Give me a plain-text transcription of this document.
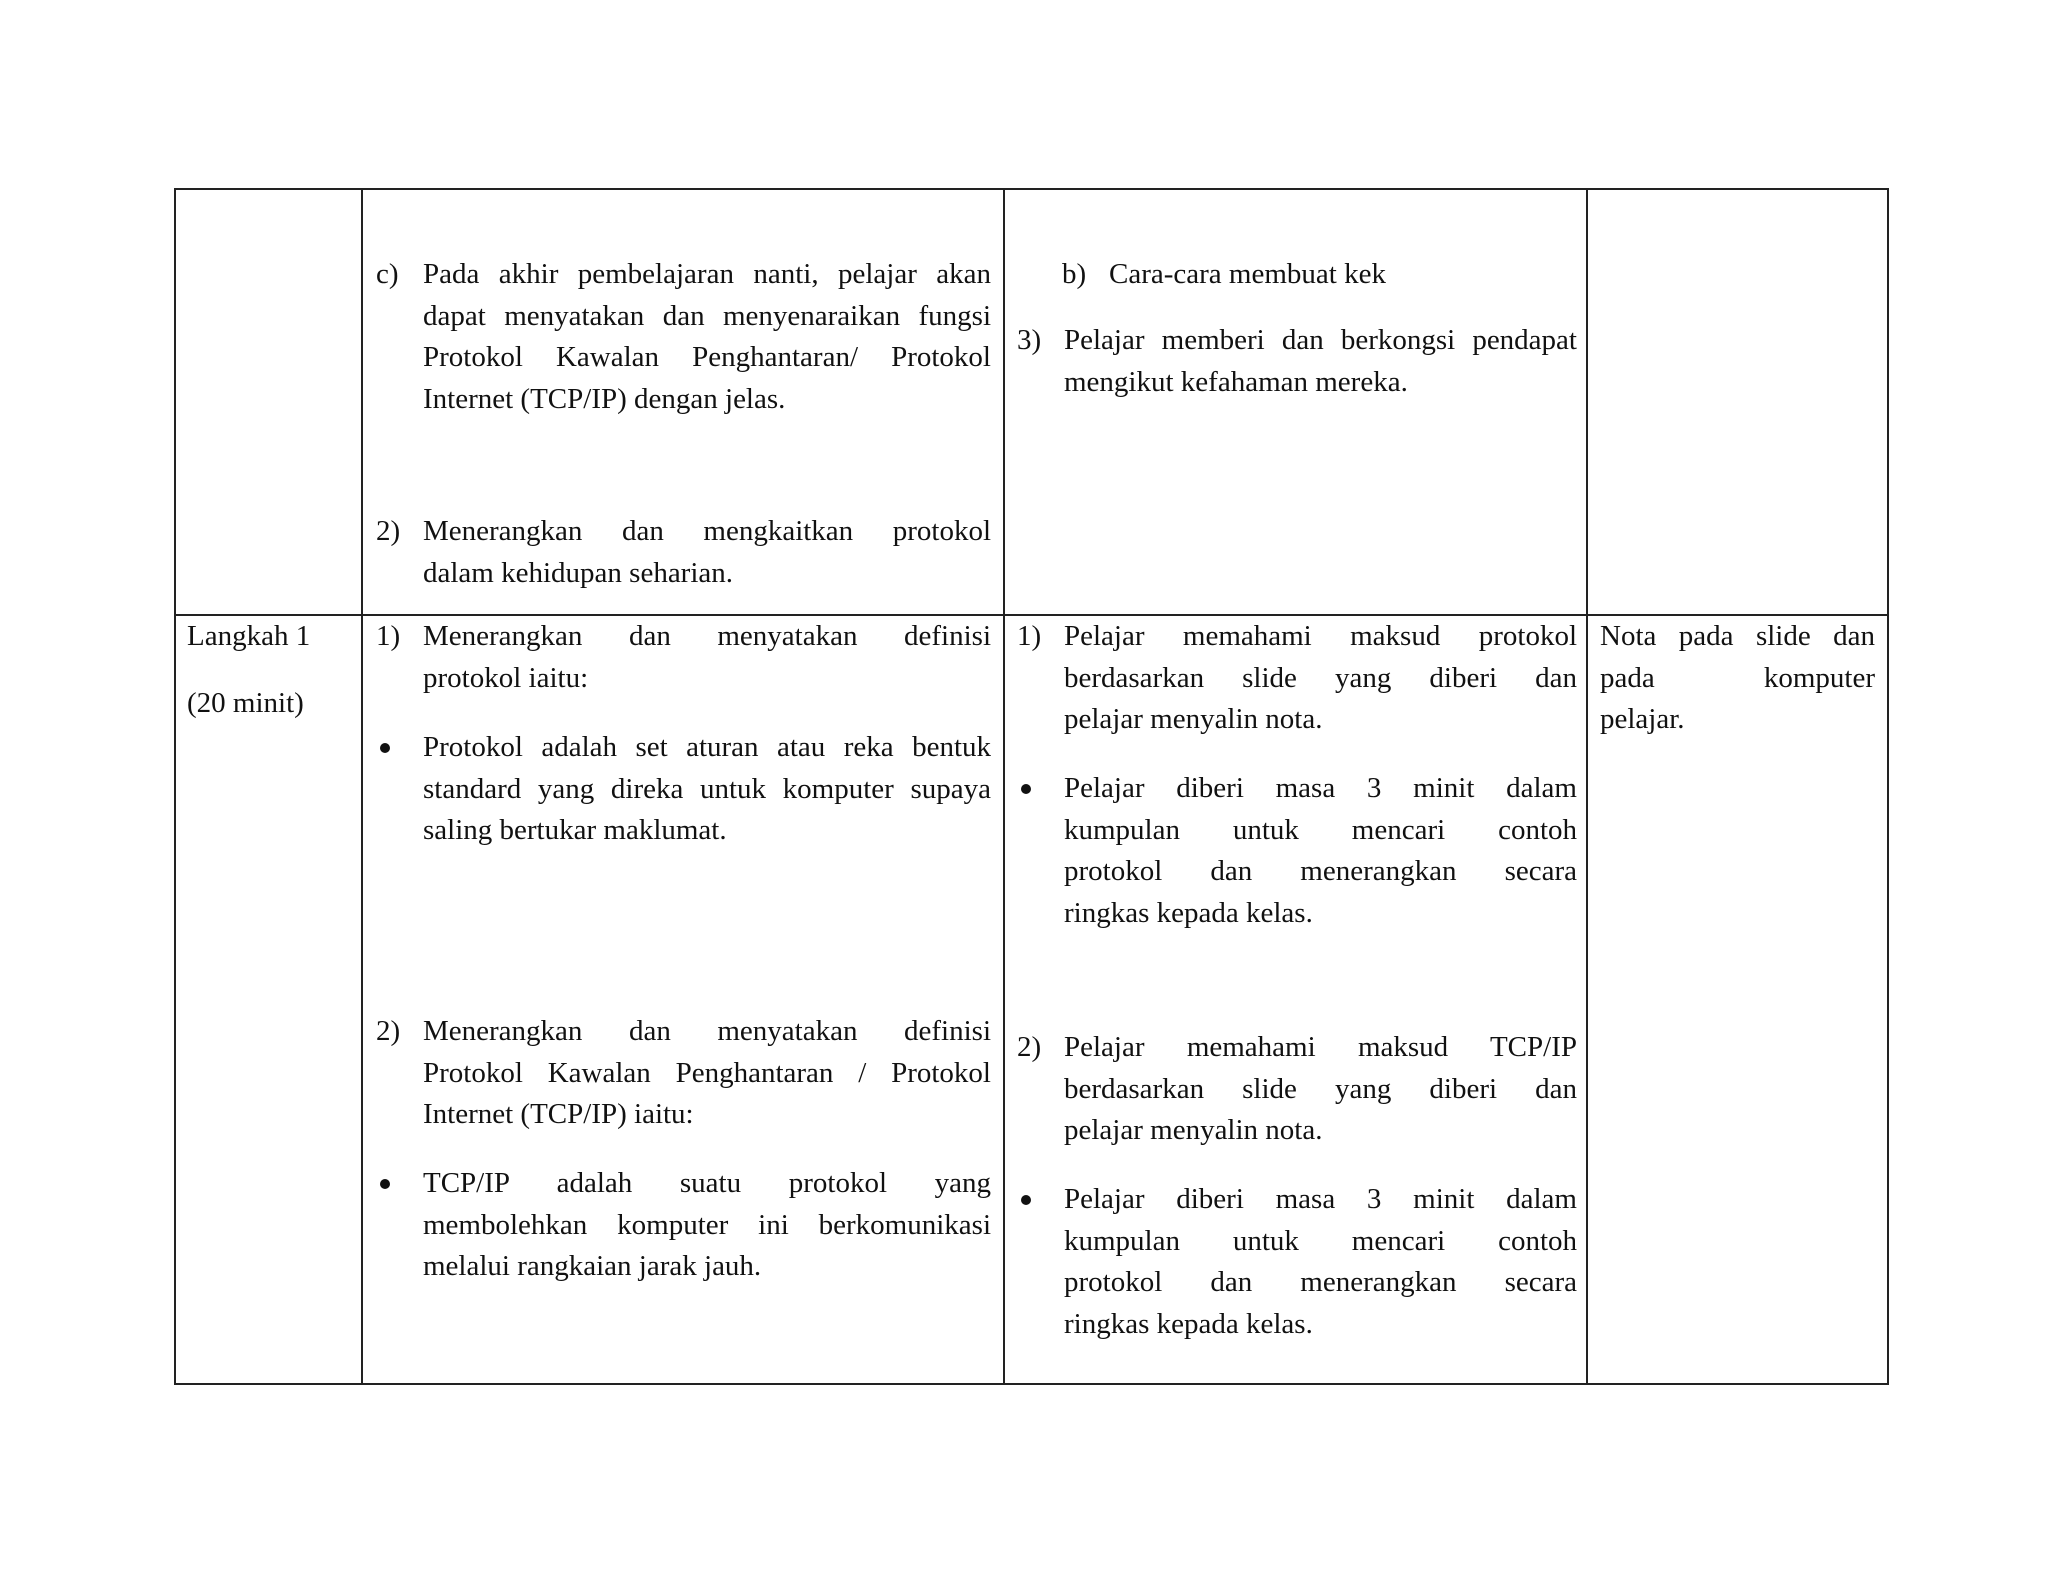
c) Pada akhir pembelajaran nanti, pelajar akan
dapat menyatakan dan menyenaraikan fungsi
Protokol Kawalan Penghantaran/ Protokol
Internet (TCP/IP) dengan jelas.
2) Menerangkan dan mengkaitkan protokol
dalam kehidupan seharian.
b) Cara-cara membuat kek
3) Pelajar memberi dan berkongsi pendapat
mengikut kefahaman mereka.
Langkah 1
(20 minit)
1) Menerangkan dan menyatakan definisi
protokol iaitu:
Protokol adalah set aturan atau reka bentuk
standard yang direka untuk komputer supaya
saling bertukar maklumat.
2) Menerangkan dan menyatakan definisi
Protokol Kawalan Penghantaran / Protokol
Internet (TCP/IP) iaitu:
TCP/IP adalah suatu protokol yang
membolehkan komputer ini berkomunikasi
melalui rangkaian jarak jauh.
1) Pelajar memahami maksud protokol
berdasarkan slide yang diberi dan
pelajar menyalin nota.
Pelajar diberi masa 3 minit dalam
kumpulan untuk mencari contoh
protokol dan menerangkan secara
ringkas kepada kelas.
2) Pelajar memahami maksud TCP/IP
berdasarkan slide yang diberi dan
pelajar menyalin nota.
Pelajar diberi masa 3 minit dalam
kumpulan untuk mencari contoh
protokol dan menerangkan secara
ringkas kepada kelas.
Nota pada slide dan
pada komputer
pelajar.
